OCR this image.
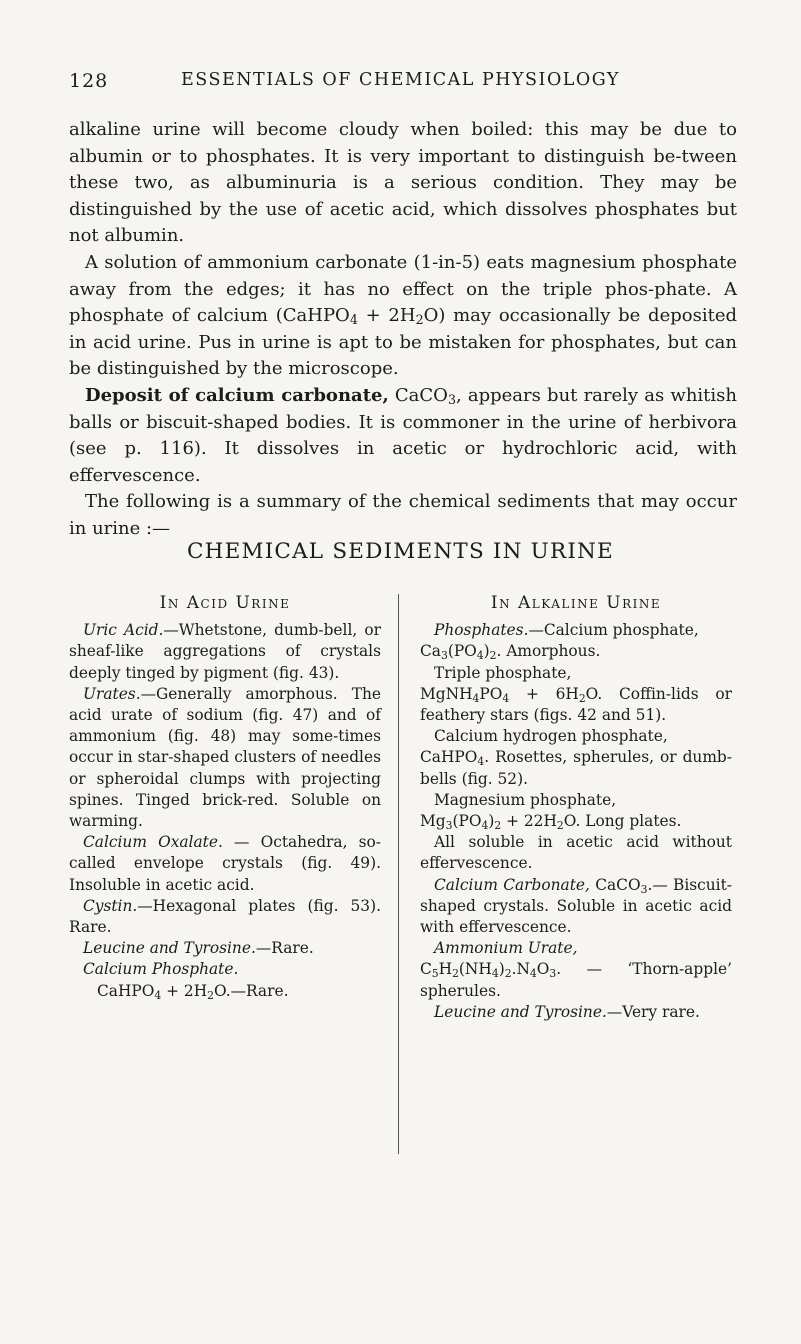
128	ESSENTIALS OF CHEMICAL PHYSIOLOGY

alkaline urine will become cloudy when boiled: this may be due to albumin or to phosphates. It is very important to distinguish be-tween these two, as albuminuria is a serious condition. They may be distinguished by the use of acetic acid, which dissolves phosphates but not albumin.

A solution of ammonium carbonate (1-in-5) eats magnesium phosphate away from the edges; it has no effect on the triple phos-phate. A phosphate of calcium (CaHPO$_4$ + $2H_2O$) may occasionally be deposited in acid urine. Pus in urine is apt to be mistaken for phosphates, but can be distinguished by the microscope.

Deposit of calcium carbonate, CaCO$_3$, appears but rarely as whitish balls or biscuit-shaped bodies. It is commoner in the urine of herbivora (see p. 116). It dissolves in acetic or hydrochloric acid, with effervescence.

The following is a summary of the chemical sediments that may occur in urine :—

CHEMICAL SEDIMENTS IN URINE
In Acid Urine

Uric Acid.—Whetstone, dumb-bell, or sheaf-like aggregations of crystals deeply tinged by pigment (fig. 43).

Urates.—Generally amorphous. The acid urate of sodium (fig. 47) and of ammonium (fig. 48) may some-times occur in star-shaped clusters of needles or spheroidal clumps with projecting spines. Tinged brick-red. Soluble on warming.

Calcium Oxalate. — Octahedra, so-called envelope crystals (fig. 49). Insoluble in acetic acid.

Cystin.—Hexagonal plates (fig. 53). Rare.

Leucine and Tyrosine.—Rare.

Calcium Phosphate.

CaHPO$_4$ + $2H_2O.—Rare$.

In Alkaline Urine

Phosphates.—Calcium phosphate,

$Ca_3(PO_4)_2$. Amorphous.

Triple phosphate,

$MgNH_4PO_4 + 6H_2O$. Coffin-lids or feathery stars (figs. 42 and 51).

Calcium hydrogen phosphate,

CaHPO$_4$. Rosettes, spherules, or dumb-bells (fig. 52).

Magnesium phosphate,

$Mg_3(PO_4)_2 + 22H_2O$. Long plates.

All soluble in acetic acid without effervescence.

Calcium Carbonate, CaCO$_3$.— Biscuit-shaped crystals. Soluble in acetic acid with effervescence.

Ammonium Urate,

$C_5H_2(NH_4)_2.N_4O_3$. — ‘Thorn-apple’ spherules.

Leucine and Tyrosine.—Very rare.
